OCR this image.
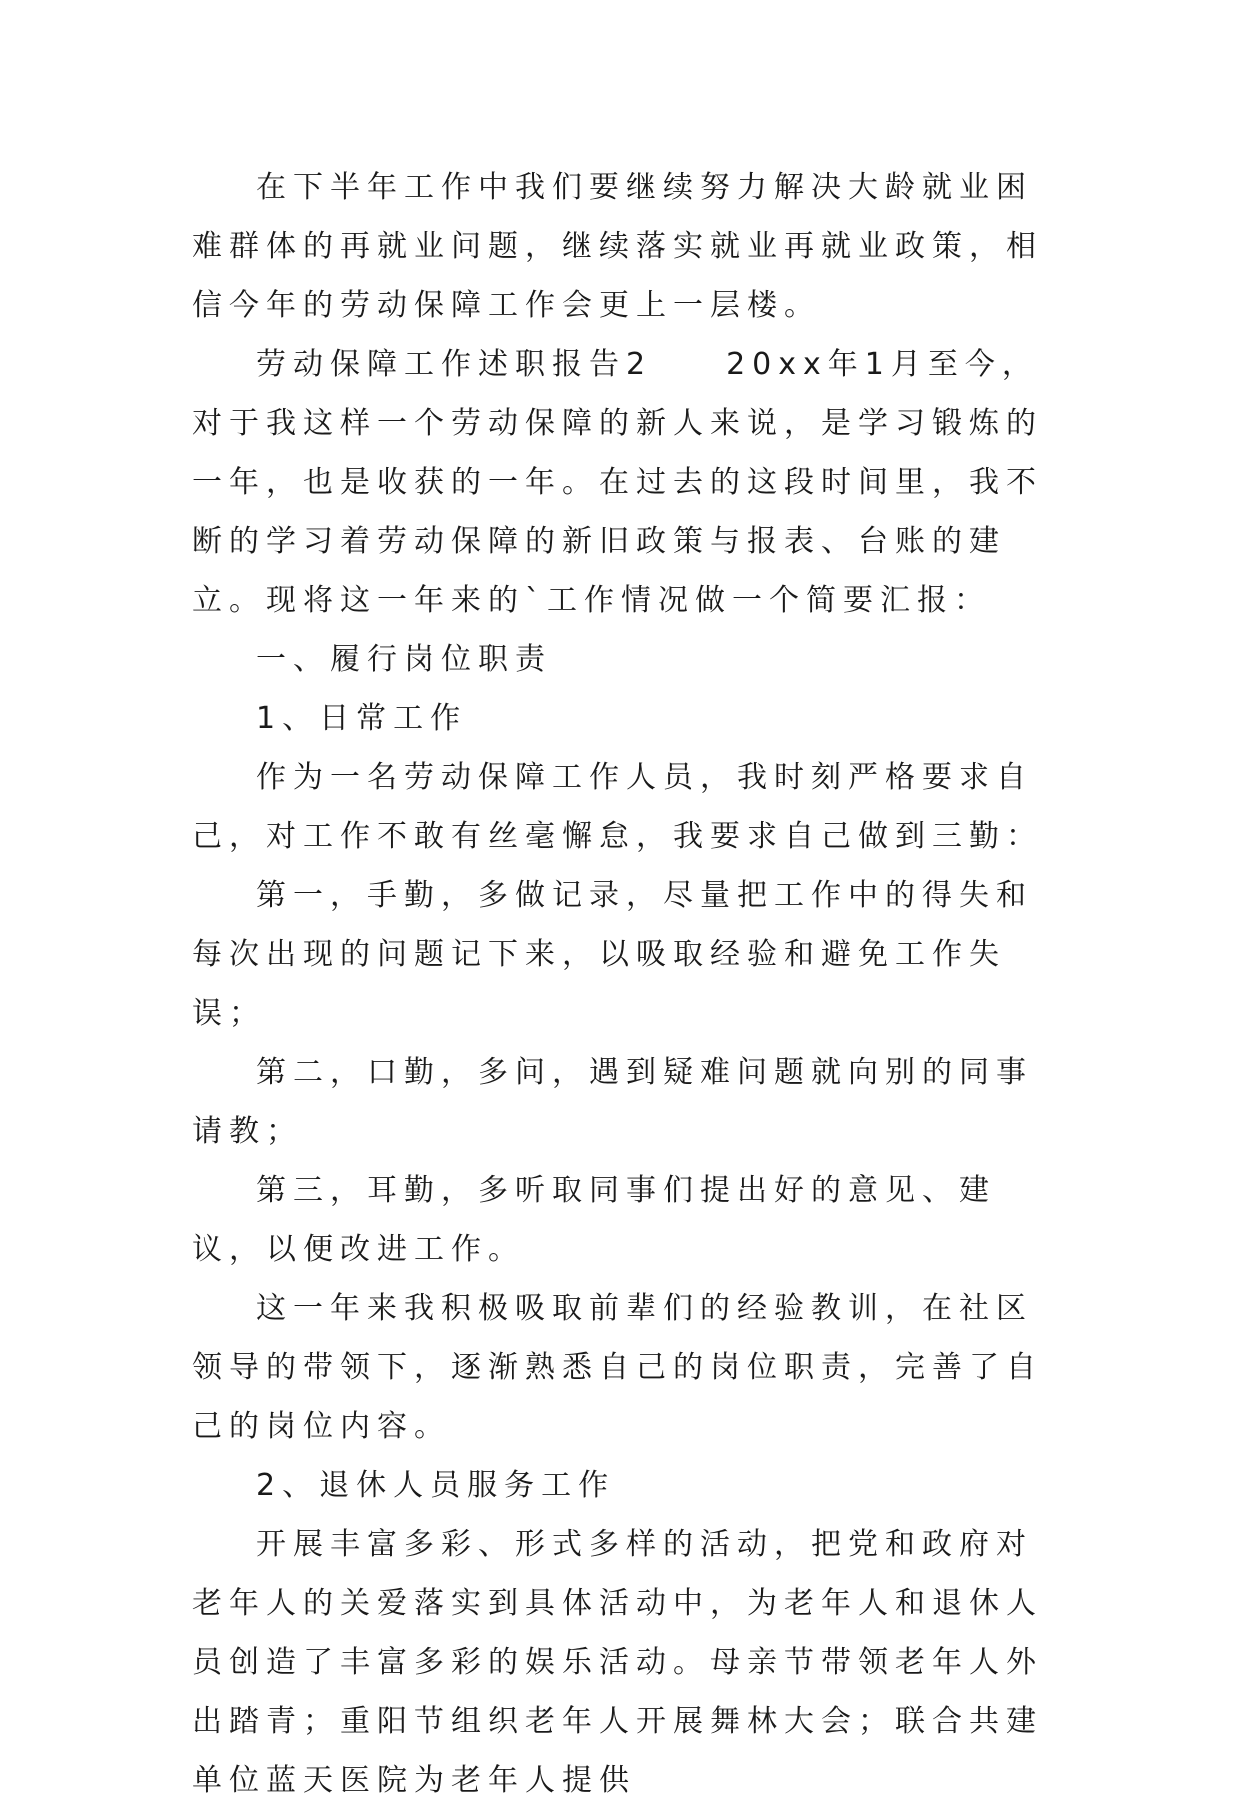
在下半年工作中我们要继续努力解决大龄就业困难群体的再就业问题，继续落实就业再就业政策，相信今年的劳动保障工作会更上一层楼。

劳动保障工作述职报告2　　20xx年1月至今，对于我这样一个劳动保障的新人来说，是学习锻炼的一年，也是收获的一年。在过去的这段时间里，我不断的学习着劳动保障的新旧政策与报表、台账的建立。现将这一年来的`工作情况做一个简要汇报：

一、履行岗位职责

1、日常工作

作为一名劳动保障工作人员，我时刻严格要求自己，对工作不敢有丝毫懈怠，我要求自己做到三勤：

第一，手勤，多做记录，尽量把工作中的得失和每次出现的问题记下来，以吸取经验和避免工作失误；

第二，口勤，多问，遇到疑难问题就向别的同事请教；

第三，耳勤，多听取同事们提出好的意见、建议，以便改进工作。

这一年来我积极吸取前辈们的经验教训，在社区领导的带领下，逐渐熟悉自己的岗位职责，完善了自己的岗位内容。

2、退休人员服务工作

开展丰富多彩、形式多样的活动，把党和政府对老年人的关爱落实到具体活动中，为老年人和退休人员创造了丰富多彩的娱乐活动。母亲节带领老年人外出踏青；重阳节组织老年人开展舞林大会；联合共建单位蓝天医院为老年人提供
